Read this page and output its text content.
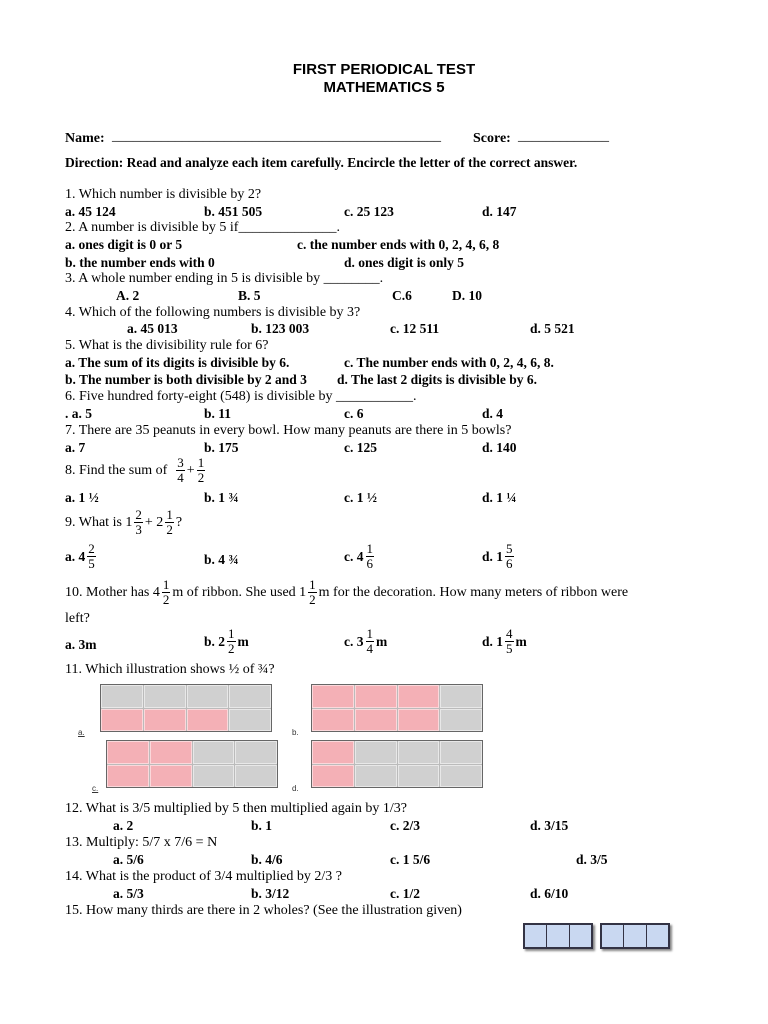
FIRST PERIODICAL TEST
MATHEMATICS 5
Name: _______________________________________________ Score: _____________
Direction: Read and analyze each item carefully. Encircle the letter of the correct answer.
1. Which number is divisible by 2?
a. 45 124	b. 451 505	c. 25 123	d. 147
2. A number is divisible by 5 if______________.
a. ones digit is 0 or 5	c. the number ends with 0, 2, 4, 6, 8
b. the number ends with 0	d. ones digit is only 5
3. A whole number ending in 5 is divisible by ________.
A. 2	B. 5	C.6	D. 10
4. Which of the following numbers is divisible by 3?
a. 45 013	b. 123 003	c. 12 511	d. 5 521
5. What is the divisibility rule for 6?
a. The sum of its digits is divisible by 6.	c. The number ends with 0, 2, 4, 6, 8.
b. The number is both divisible by 2 and 3 d. The last 2 digits is divisible by 6.
6. Five hundred forty-eight (548) is divisible by ___________.
. a. 5	b. 11	c. 6	d. 4
7. There are 35 peanuts in every bowl. How many peanuts are there in 5 bowls?
a. 7	b. 175	c. 125	d. 140
8. Find the sum of
$\frac{3}{4} + \frac{1}{2}$
a. 1 ½	b. 1 ¾	c. 1 ½	d. 1 ¼
9. What is $1 \frac{2}{3} + 2 \frac{1}{2}$ ?
a. $4 \frac{2}{5}$	b. 4 ¾	c. $4 \frac{1}{6}$	d. $1 \frac{5}{6}$
10. Mother has $4 \frac{1}{2}$ m of ribbon. She used $1 \frac{1}{2}$ m for the decoration. How many meters of ribbon were
left?
a. 3m	b. $2 \frac{1}{2}$ m	c. $3 \frac{1}{4}$ m	d. $1 \frac{4}{5}$ m
11. Which illustration shows ½ of ¾?
a.	b.
c.	d.
12. What is 3/5 multiplied by 5 then multiplied again by 1/3?
a. 2	b. 1	c. 2/3	d. 3/15
13. Multiply: 5/7 x 7/6 = N
a. 5/6	b. 4/6	c. 1 5/6	d. 3/5
14. What is the product of 3/4 multiplied by 2/3 ?
a. 5/3	b. 3/12	c. 1/2	d. 6/10
15. How many thirds are there in 2 wholes? (See the illustration given)
